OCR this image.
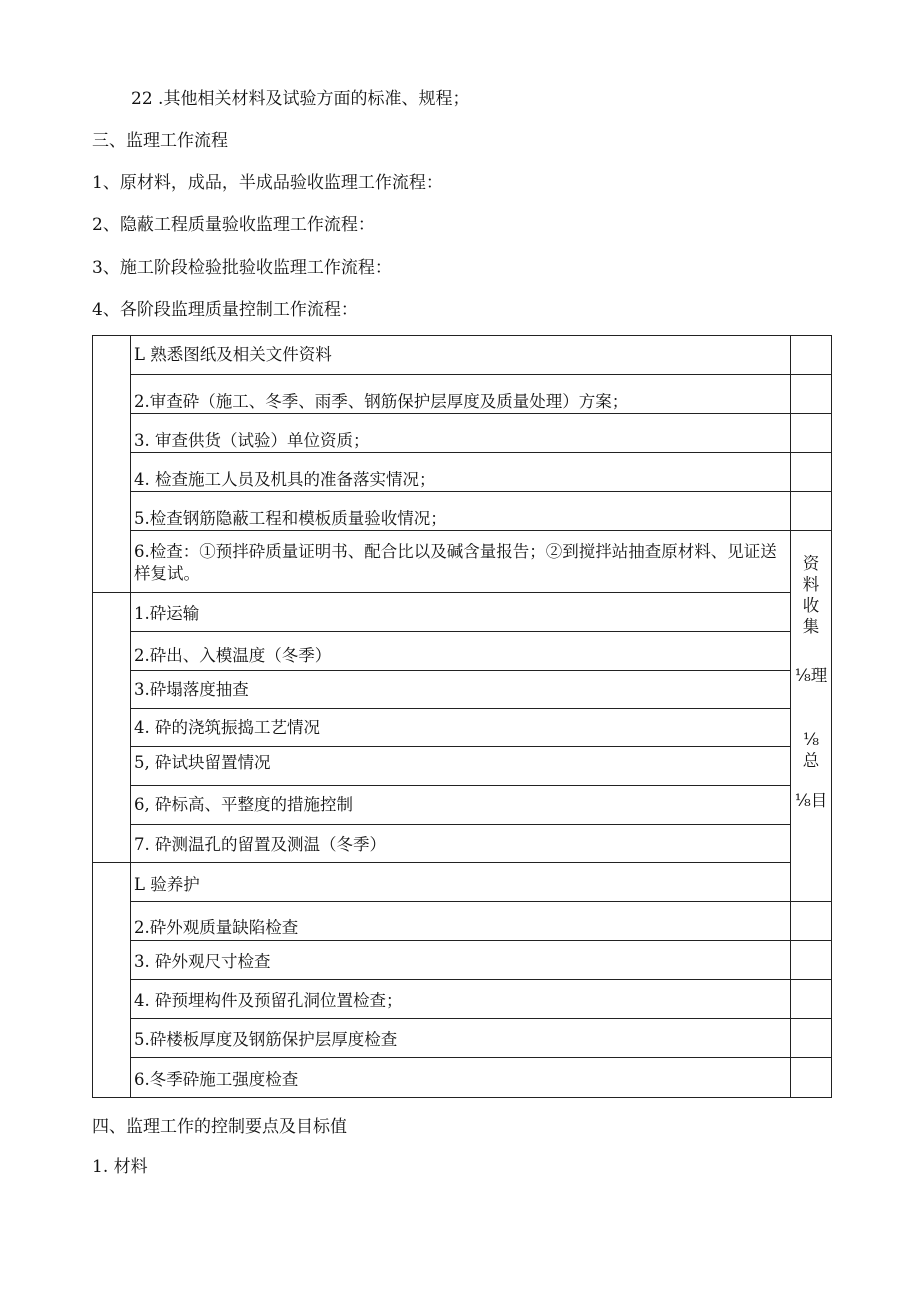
22 .其他相关材料及试验方面的标准、规程；
三、监理工作流程
1、原材料，成品，半成品验收监理工作流程：
2、隐蔽工程质量验收监理工作流程：
3、施工阶段检验批验收监理工作流程：
4、各阶段监理质量控制工作流程：
L 熟悉图纸及相关文件资料
2.审查砕（施工、冬季、雨季、钢筋保护层厚度及质量处理）方案；
3. 审查供货（试验）单位资质；
4. 检查施工人员及机具的准备落实情况；
5.检查钢筋隐蔽工程和模板质量验收情况；
6.检查：①预拌砕质量证明书、配合比以及碱含量报告；②到搅拌站抽查原材料、见证送样复试。
1.砕运输
2.砕出、入模温度（冬季）
3.砕塌落度抽查
4. 砕的浇筑振捣工艺情况
5, 砕试块留置情况
6, 砕标高、平整度的措施控制
7. 砕测温孔的留置及测温（冬季）
L 验养护
2.砕外观质量缺陷检查
3. 砕外观尺寸检查
4. 砕预埋构件及预留孔洞位置检查；
5.砕楼板厚度及钢筋保护层厚度检查
6.冬季砕施工强度检查
资
料
收
集
⅛理
⅛
总
⅛目
四、监理工作的控制要点及目标值
1. 材料
